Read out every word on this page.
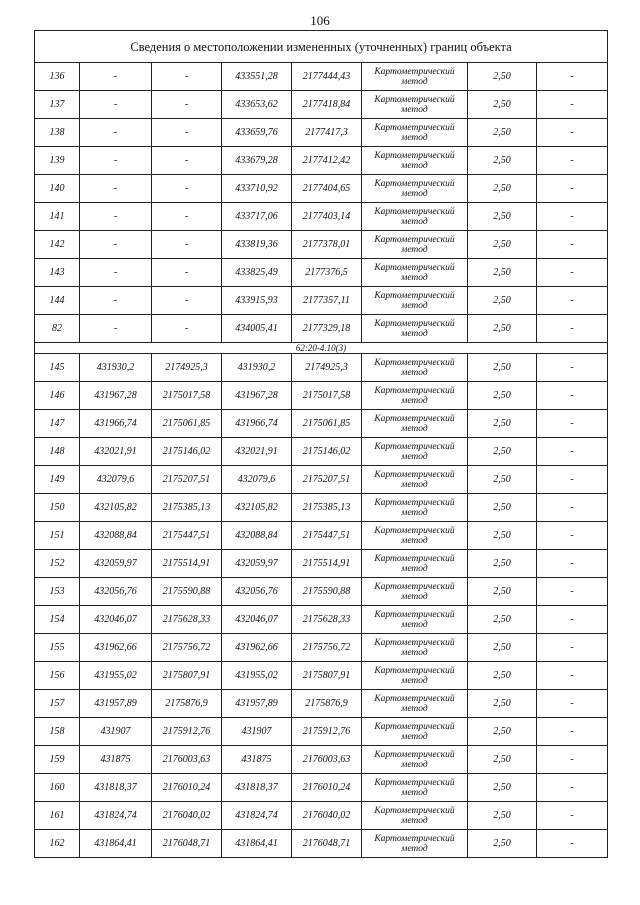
106
Сведения о местоположении измененных (уточненных) границ объекта							
136	-	-	433551,28	2177444,43	Картометрический
метод	2,50	-
137	-	-	433653,62	2177418,84	Картометрический
метод	2,50	-
138	-	-	433659,76	2177417,3	Картометрический
метод	2,50	-
139	-	-	433679,28	2177412,42	Картометрический
метод	2,50	-
140	-	-	433710,92	2177404,65	Картометрический
метод	2,50	-
141	-	-	433717,06	2177403,14	Картометрический
метод	2,50	-
142	-	-	433819,36	2177378,01	Картометрический
метод	2,50	-
143	-	-	433825,49	2177376,5	Картометрический
метод	2,50	-
144	-	-	433915,93	2177357,11	Картометрический
метод	2,50	-
82	-	-	434005,41	2177329,18	Картометрический
метод	2,50	-
62:20-4.10(3)							
145	431930,2	2174925,3	431930,2	2174925,3	Картометрический
метод	2,50	-
146	431967,28	2175017,58	431967,28	2175017,58	Картометрический
метод	2,50	-
147	431966,74	2175061,85	431966,74	2175061,85	Картометрический
метод	2,50	-
148	432021,91	2175146,02	432021,91	2175146,02	Картометрический
метод	2,50	-
149	432079,6	2175207,51	432079,6	2175207,51	Картометрический
метод	2,50	-
150	432105,82	2175385,13	432105,82	2175385,13	Картометрический
метод	2,50	-
151	432088,84	2175447,51	432088,84	2175447,51	Картометрический
метод	2,50	-
152	432059,97	2175514,91	432059,97	2175514,91	Картометрический
метод	2,50	-
153	432056,76	2175590,88	432056,76	2175590,88	Картометрический
метод	2,50	-
154	432046,07	2175628,33	432046,07	2175628,33	Картометрический
метод	2,50	-
155	431962,66	2175756,72	431962,66	2175756,72	Картометрический
метод	2,50	-
156	431955,02	2175807,91	431955,02	2175807,91	Картометрический
метод	2,50	-
157	431957,89	2175876,9	431957,89	2175876,9	Картометрический
метод	2,50	-
158	431907	2175912,76	431907	2175912,76	Картометрический
метод	2,50	-
159	431875	2176003,63	431875	2176003,63	Картометрический
метод	2,50	-
160	431818,37	2176010,24	431818,37	2176010,24	Картометрический
метод	2,50	-
161	431824,74	2176040,02	431824,74	2176040,02	Картометрический
метод	2,50	-
162	431864,41	2176048,71	431864,41	2176048,71	Картометрический
метод	2,50	-
